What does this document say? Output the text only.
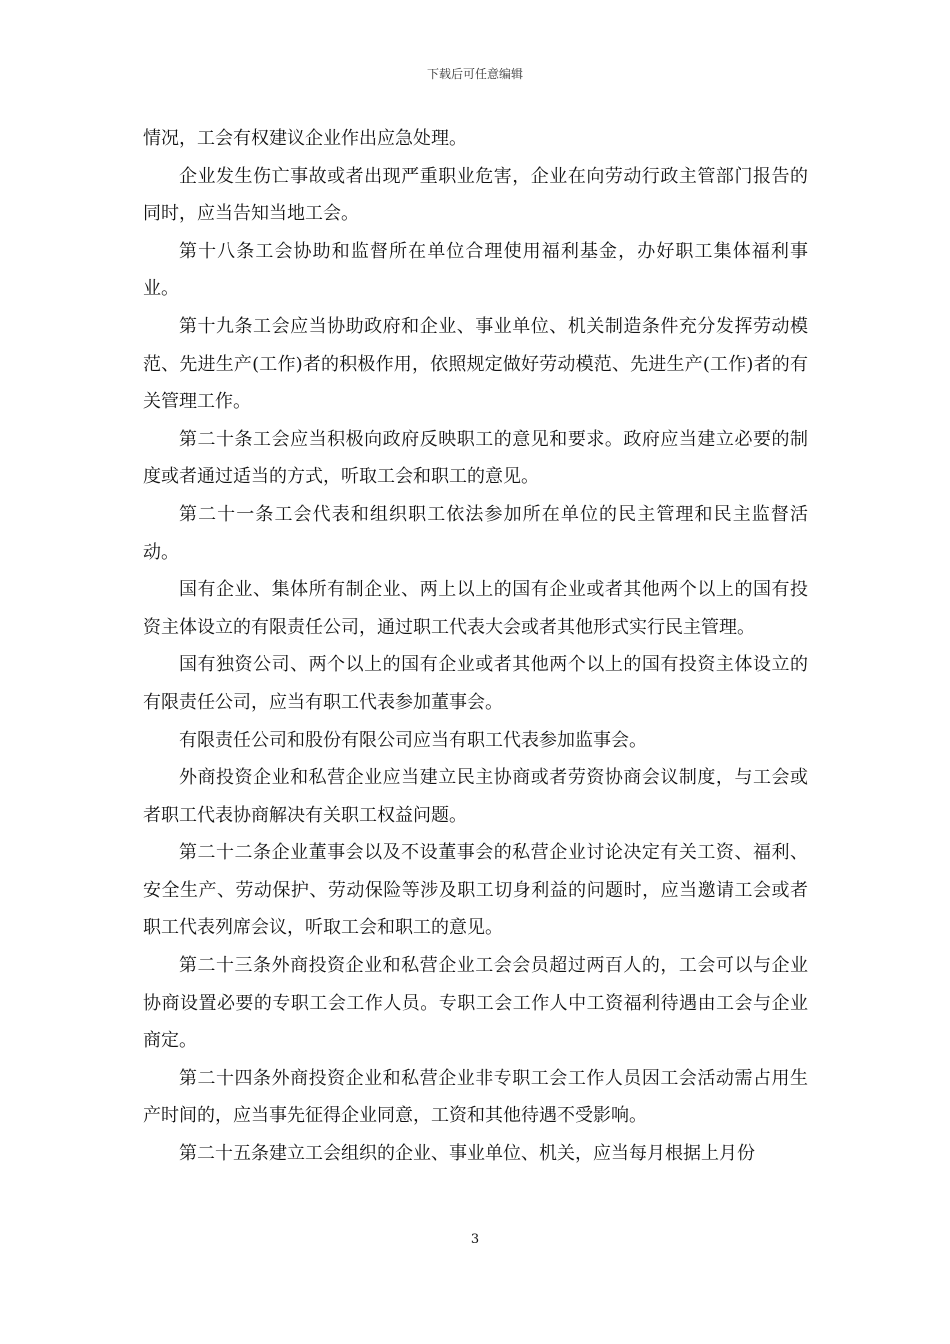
下载后可任意编辑

情况，工会有权建议企业作出应急处理。

企业发生伤亡事故或者出现严重职业危害，企业在向劳动行政主管部门报告的同时，应当告知当地工会。

第十八条工会协助和监督所在单位合理使用福利基金，办好职工集体福利事业。

第十九条工会应当协助政府和企业、事业单位、机关制造条件充分发挥劳动模范、先进生产(工作)者的积极作用，依照规定做好劳动模范、先进生产(工作)者的有关管理工作。

第二十条工会应当积极向政府反映职工的意见和要求。政府应当建立必要的制度或者通过适当的方式，听取工会和职工的意见。

第二十一条工会代表和组织职工依法参加所在单位的民主管理和民主监督活动。

国有企业、集体所有制企业、两上以上的国有企业或者其他两个以上的国有投资主体设立的有限责任公司，通过职工代表大会或者其他形式实行民主管理。

国有独资公司、两个以上的国有企业或者其他两个以上的国有投资主体设立的有限责任公司，应当有职工代表参加董事会。

有限责任公司和股份有限公司应当有职工代表参加监事会。

外商投资企业和私营企业应当建立民主协商或者劳资协商会议制度，与工会或者职工代表协商解决有关职工权益问题。

第二十二条企业董事会以及不设董事会的私营企业讨论决定有关工资、福利、安全生产、劳动保护、劳动保险等涉及职工切身利益的问题时，应当邀请工会或者职工代表列席会议，听取工会和职工的意见。

第二十三条外商投资企业和私营企业工会会员超过两百人的，工会可以与企业协商设置必要的专职工会工作人员。专职工会工作人中工资福利待遇由工会与企业商定。

第二十四条外商投资企业和私营企业非专职工会工作人员因工会活动需占用生产时间的，应当事先征得企业同意，工资和其他待遇不受影响。

第二十五条建立工会组织的企业、事业单位、机关，应当每月根据上月份

3
